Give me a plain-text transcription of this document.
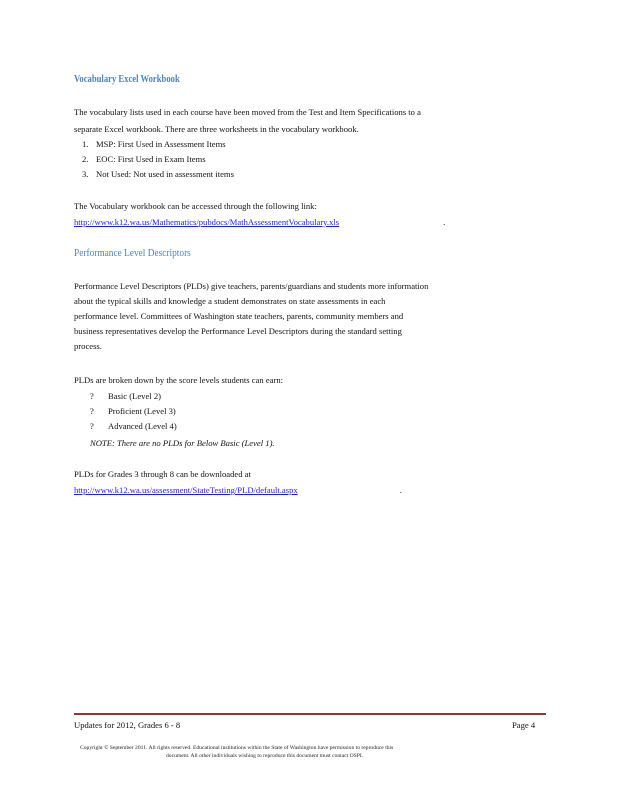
Vocabulary Excel Workbook
The vocabulary lists used in each course have been moved from the Test and Item Specifications to a
separate Excel workbook. There are three worksheets in the vocabulary workbook.
1. MSP: First Used in Assessment Items
2. EOC: First Used in Exam Items
3. Not Used: Not used in assessment items
The Vocabulary workbook can be accessed through the following link:
http://www.k12.wa.us/Mathematics/pubdocs/MathAssessmentVocabulary.xls	.
Performance Level Descriptors
Performance Level Descriptors (PLDs) give teachers, parents/guardians and students more information
about the typical skills and knowledge a student demonstrates on state assessments in each
performance level. Committees of Washington state teachers, parents, community members and
business representatives develop the Performance Level Descriptors during the standard setting
process.
PLDs are broken down by the score levels students can earn:
? Basic (Level 2)
? Proficient (Level 3)
? Advanced (Level 4)
NOTE: There are no PLDs for Below Basic (Level 1).
PLDs for Grades 3 through 8 can be downloaded at
http://www.k12.wa.us/assessment/StateTesting/PLD/default.aspx	.
Updates for 2012, Grades 6 - 8	Page 4
Copyright © September 2011. All rights reserved. Educational institutions within the State of Washington have permission to reproduce this
document. All other individuals wishing to reproduce this document must contact OSPI.
